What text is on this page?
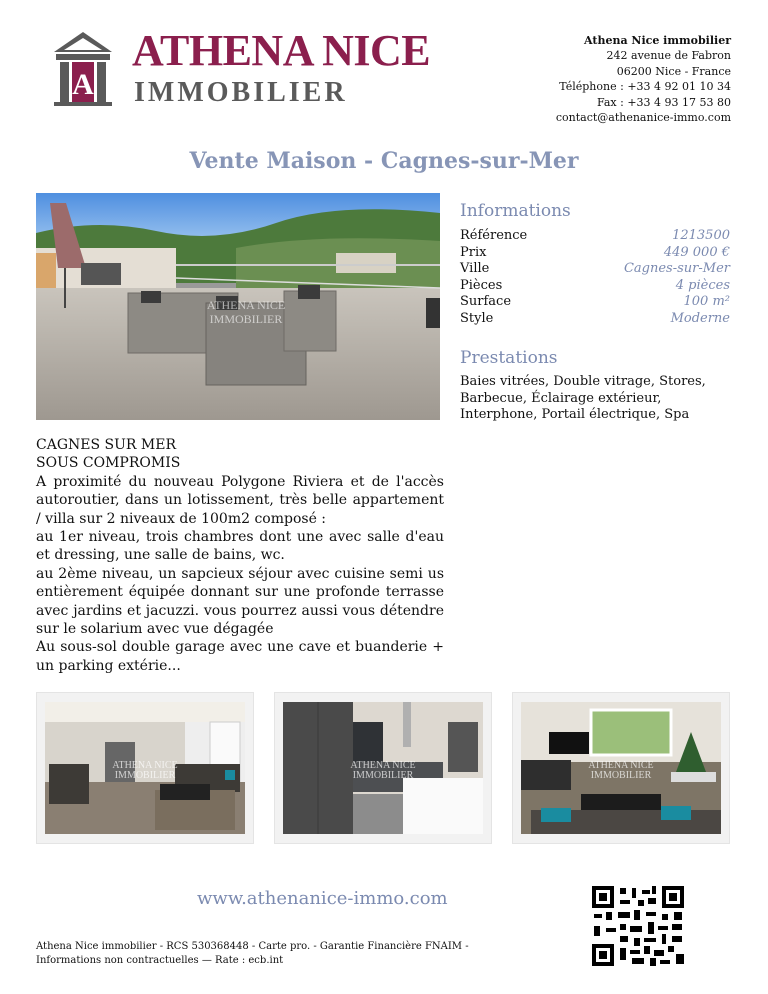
A
ATHENA NICE
IMMOBILIER
Athena Nice immobilier
242 avenue de Fabron
06200 Nice - France
Téléphone : +33 4 92 01 10 34
Fax : +33 4 93 17 53 80
contact@athenanice-immo.com
Vente Maison - Cagnes-sur-Mer
ATHENA NICE
IMMOBILIER
Informations
Référence	1213500
Prix	449 000 €
Ville	Cagnes-sur-Mer
Pièces	4 pièces
Surface	100 m²
Style	Moderne
Prestations
Baies vitrées, Double vitrage, Stores, Barbecue, Éclairage extérieur, Interphone, Portail électrique, Spa
CAGNES SUR MER
SOUS COMPROMIS
A proximité du nouveau Polygone Riviera et de l'accès autoroutier, dans un lotissement, très belle appartement / villa sur 2 niveaux de 100m2 composé :
au 1er niveau, trois chambres dont une avec salle d'eau et dressing, une salle de bains, wc.
au 2ème niveau, un sapcieux séjour avec cuisine semi us entièrement équipée donnant sur une profonde terrasse avec jardins et jacuzzi. vous pourrez aussi vous détendre sur le solarium avec vue dégagée
Au sous-sol double garage avec une cave et buanderie + un parking extérie...
ATHENA NICE
IMMOBILIER
ATHENA NICE
IMMOBILIER
ATHENA NICE
IMMOBILIER
www.athenanice-immo.com
Athena Nice immobilier - RCS 530368448 - Carte pro. - Garantie Financière FNAIM -
Informations non contractuelles — Rate : ecb.int
